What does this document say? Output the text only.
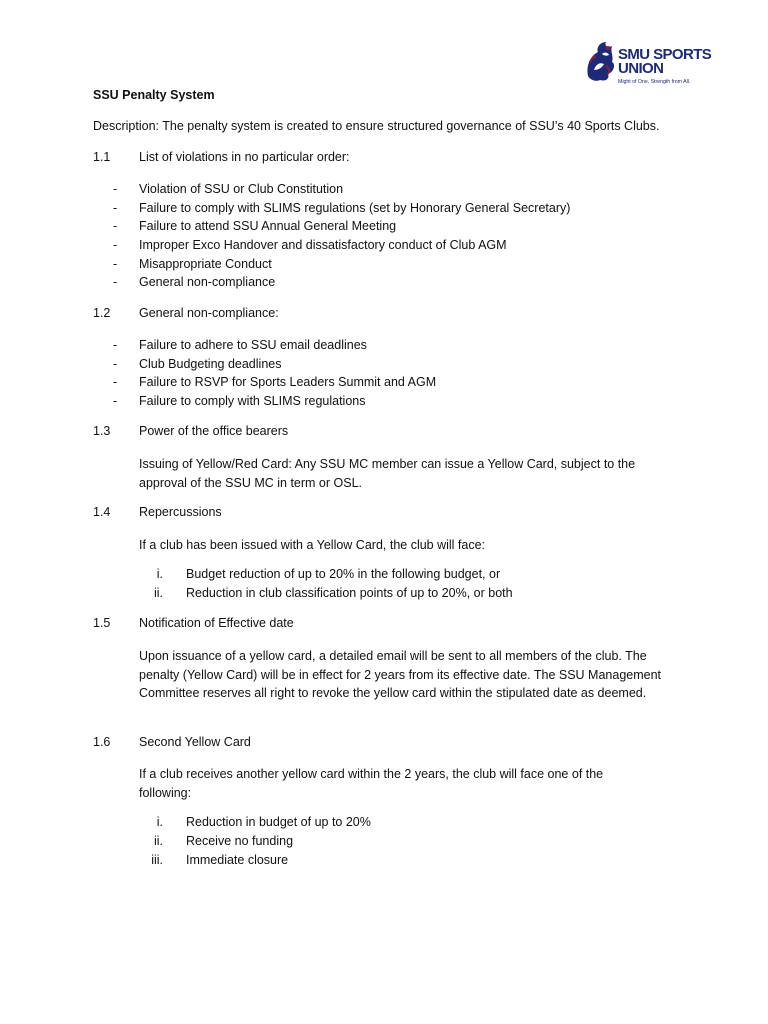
SMU SPORTS
UNION
Might of One, Strength from All.
SSU Penalty System
Description: The penalty system is created to ensure structured governance of SSU’s 40 Sports Clubs.
1.1 List of violations in no particular order:
- Violation of SSU or Club Constitution
- Failure to comply with SLIMS regulations (set by Honorary General Secretary)
- Failure to attend SSU Annual General Meeting
- Improper Exco Handover and dissatisfactory conduct of Club AGM
- Misappropriate Conduct
- General non-compliance
1.2 General non-compliance:
- Failure to adhere to SSU email deadlines
- Club Budgeting deadlines
- Failure to RSVP for Sports Leaders Summit and AGM
- Failure to comply with SLIMS regulations
1.3 Power of the office bearers
Issuing of Yellow/Red Card: Any SSU MC member can issue a Yellow Card, subject to the approval of the SSU MC in term or OSL.
1.4 Repercussions
If a club has been issued with a Yellow Card, the club will face:
i. Budget reduction of up to 20% in the following budget, or
ii. Reduction in club classification points of up to 20%, or both
1.5 Notification of Effective date
Upon issuance of a yellow card, a detailed email will be sent to all members of the club. The penalty (Yellow Card) will be in effect for 2 years from its effective date. The SSU Management Committee reserves all right to revoke the yellow card within the stipulated date as deemed.
1.6 Second Yellow Card
If a club receives another yellow card within the 2 years, the club will face one of the following:
i. Reduction in budget of up to 20%
ii. Receive no funding
iii. Immediate closure
